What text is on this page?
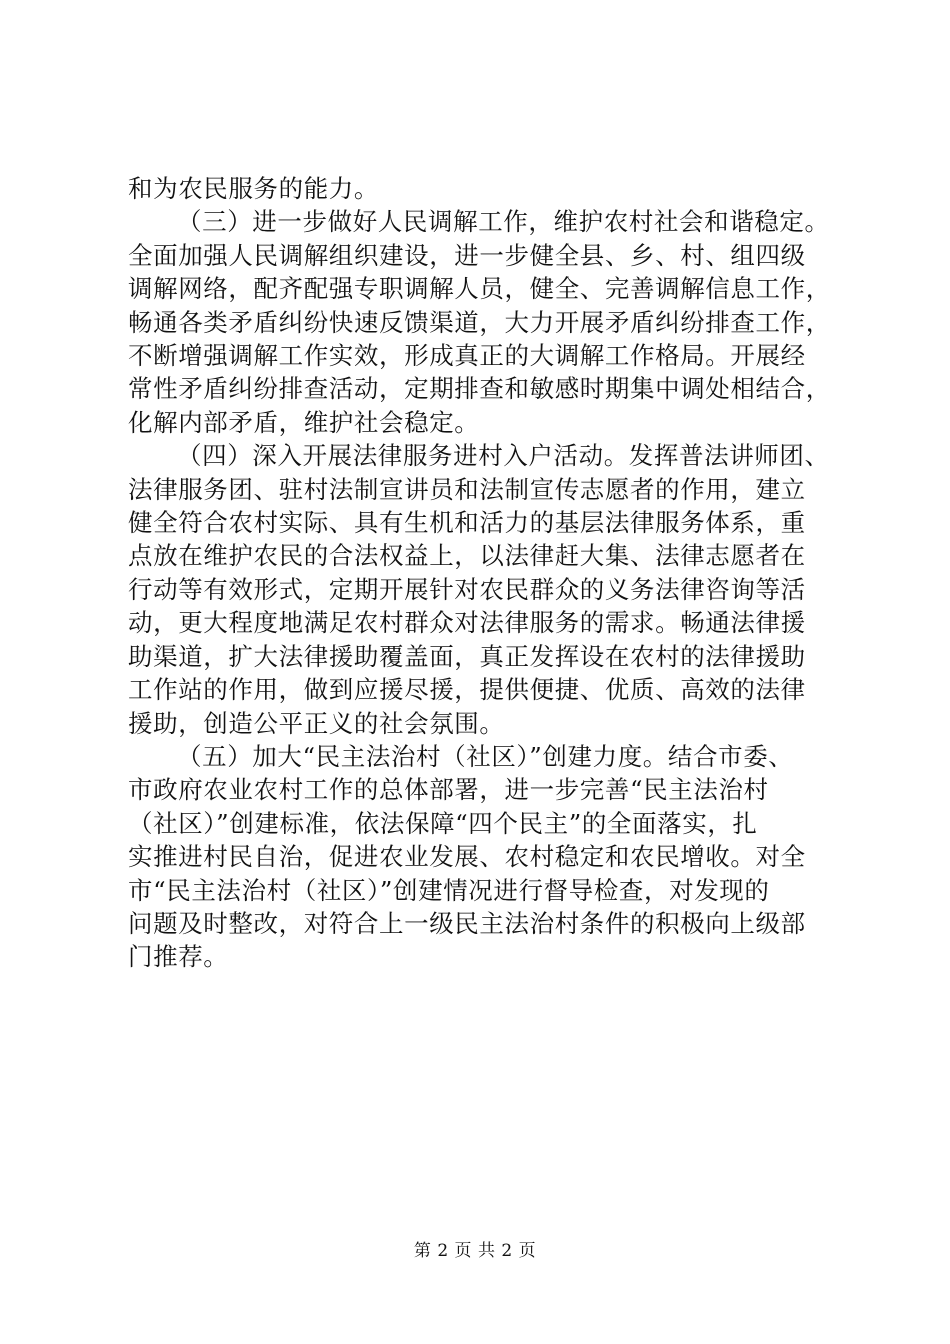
和为农民服务的能力。
（三）进一步做好人民调解工作，维护农村社会和谐稳定。
全面加强人民调解组织建设，进一步健全县、乡、村、组四级
调解网络，配齐配强专职调解人员，健全、完善调解信息工作，
畅通各类矛盾纠纷快速反馈渠道，大力开展矛盾纠纷排查工作，
不断增强调解工作实效，形成真正的大调解工作格局。开展经
常性矛盾纠纷排查活动，定期排查和敏感时期集中调处相结合，
化解内部矛盾，维护社会稳定。
（四）深入开展法律服务进村入户活动。发挥普法讲师团、
法律服务团、驻村法制宣讲员和法制宣传志愿者的作用，建立
健全符合农村实际、具有生机和活力的基层法律服务体系，重
点放在维护农民的合法权益上，以法律赶大集、法律志愿者在
行动等有效形式，定期开展针对农民群众的义务法律咨询等活
动，更大程度地满足农村群众对法律服务的需求。畅通法律援
助渠道，扩大法律援助覆盖面，真正发挥设在农村的法律援助
工作站的作用，做到应援尽援，提供便捷、优质、高效的法律
援助，创造公平正义的社会氛围。
（五）加大“民主法治村（社区）”创建力度。结合市委、
市政府农业农村工作的总体部署，进一步完善“民主法治村
（社区）”创建标准，依法保障“四个民主”的全面落实，扎
实推进村民自治，促进农业发展、农村稳定和农民增收。对全
市“民主法治村（社区）”创建情况进行督导检查，对发现的
问题及时整改，对符合上一级民主法治村条件的积极向上级部
门推荐。
第 2 页 共 2 页
